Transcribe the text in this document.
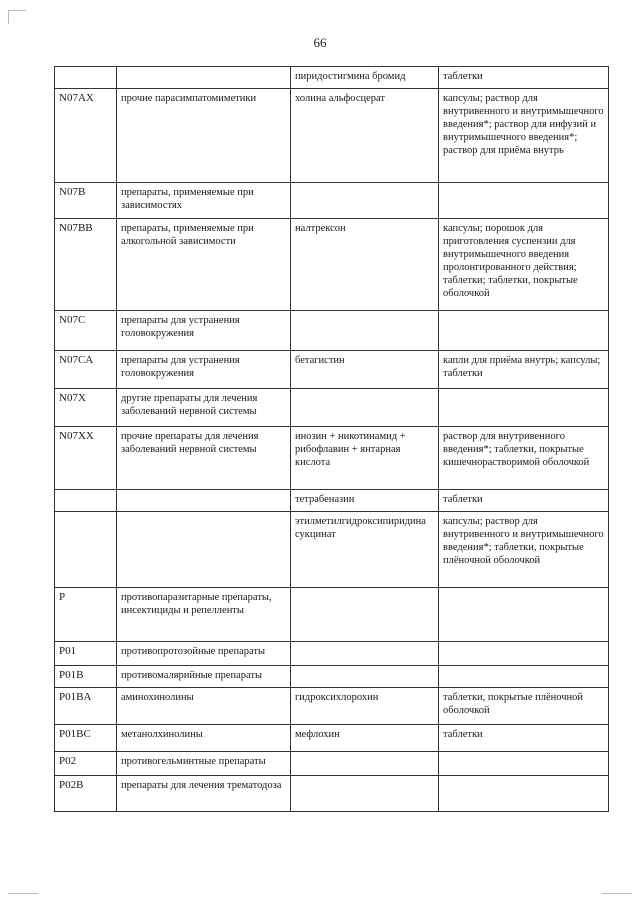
66
		пиридостигмина бромид	таблетки
N07AX	прочие парасимпатомиметики	холина альфосцерат	капсулы; раствор для внутривенного и внутримышечного введения*; раствор для инфузий и внутримышечного введения*; раствор для приёма внутрь
N07B	препараты, применяемые при зависимостях		
N07BB	препараты, применяемые при алкогольной зависимости	налтрексон	капсулы; порошок для приготовления суспензии для внутримышечного введения пролонгированного действия; таблетки; таблетки, покрытые оболочкой
N07C	препараты для устранения головокружения		
N07CA	препараты для устранения головокружения	бетагистин	капли для приёма внутрь; капсулы; таблетки
N07X	другие препараты для лечения заболеваний нервной системы		
N07XX	прочие препараты для лечения заболеваний нервной системы	инозин + никотинамид + рибофлавин + янтарная кислота	раствор для внутривенного введения*; таблетки, покрытые кишечнорастворимой оболочкой
		тетрабеназин	таблетки
		этилметилгидроксипиридина сукцинат	капсулы; раствор для внутривенного и внутримышечного введения*; таблетки, покрытые плёночной оболочкой
P	противопаразитарные препараты, инсектициды и репелленты		
P01	противопротозойные препараты		
P01B	противомалярийные препараты		
P01BA	аминохинолины	гидроксихлорохин	таблетки, покрытые плёночной оболочкой
P01BC	метанолхинолины	мефлохин	таблетки
P02	противогельминтные препараты		
P02B	препараты для лечения трематодоза		
